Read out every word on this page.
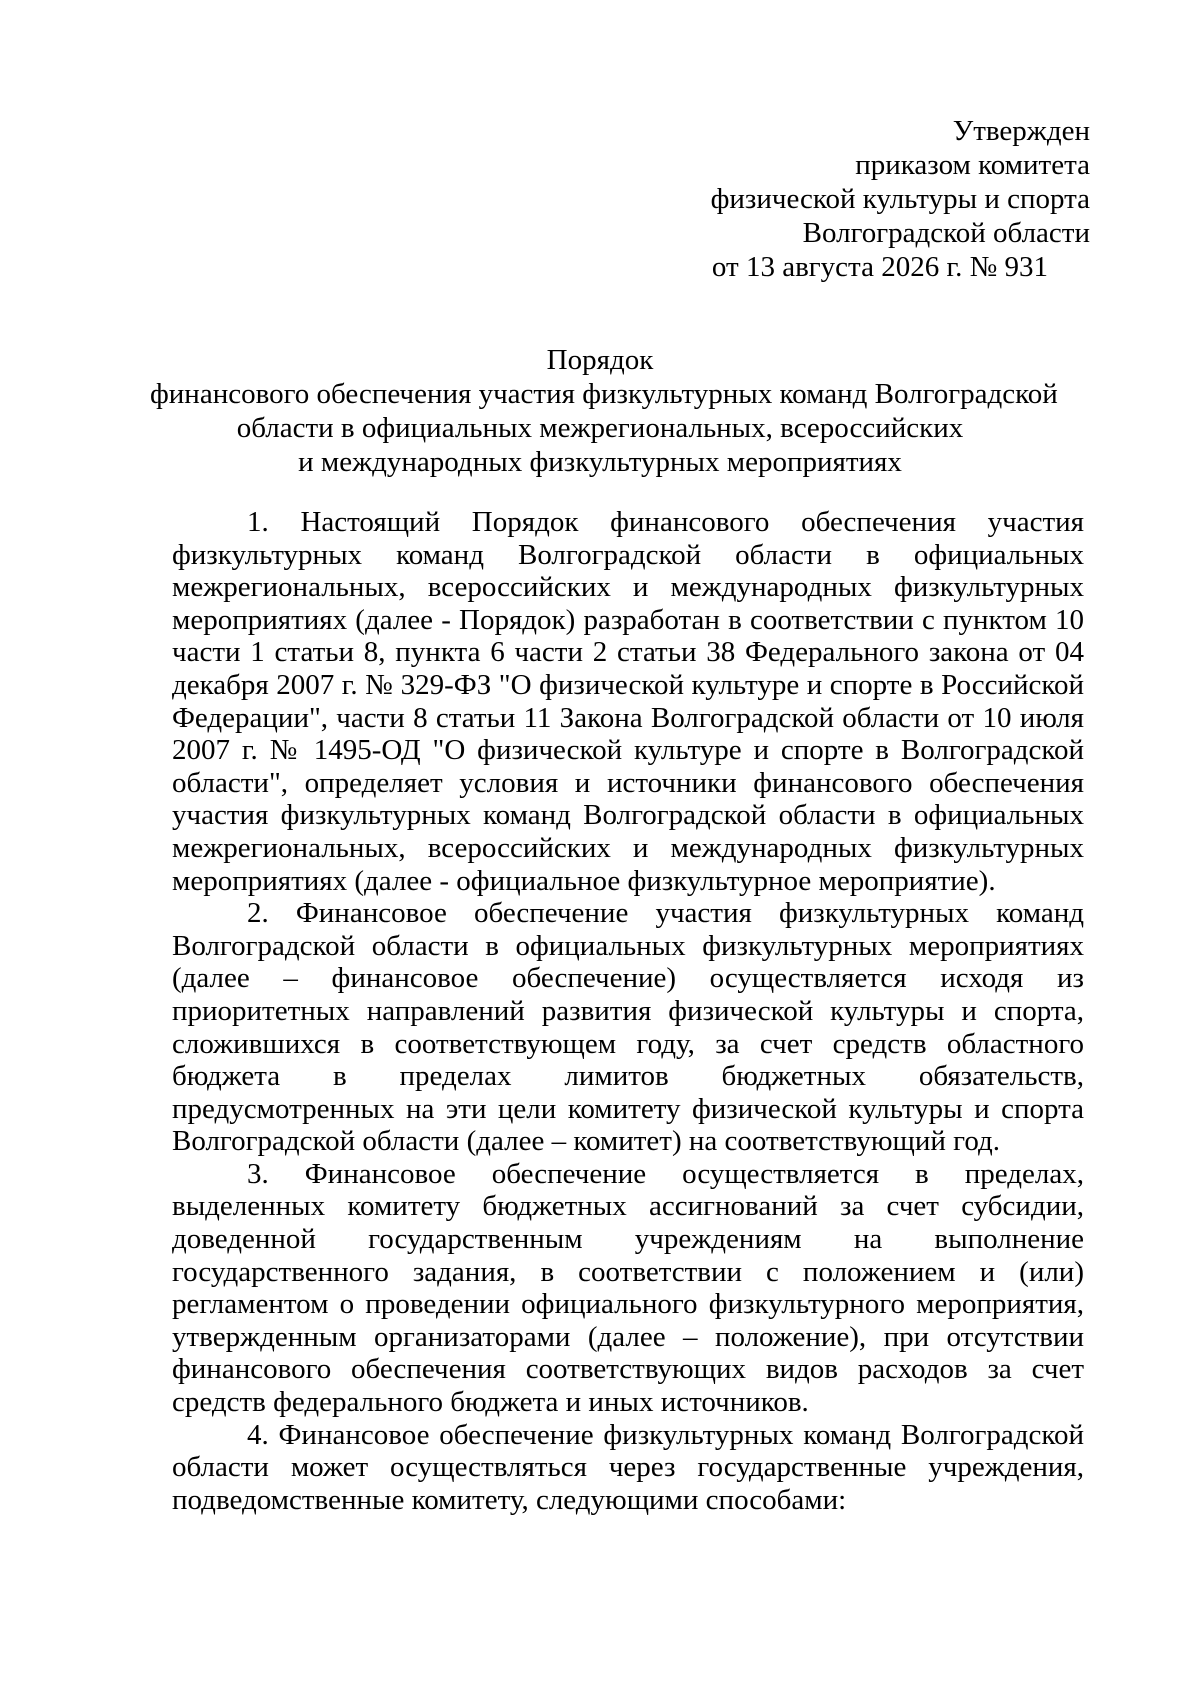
Утвержден
приказом комитета
физической культуры и спорта
Волгоградской области
от 13 августа 2026 г. № 931
Порядок
финансового обеспечения участия физкультурных команд Волгоградской
области в официальных межрегиональных, всероссийских
и международных физкультурных мероприятиях

1. Настоящий Порядок финансового обеспечения участия физкультурных команд Волгоградской области в официальных межрегиональных, всероссийских и международных физкультурных мероприятиях (далее - Порядок) разработан в соответствии с пунктом 10 части 1 статьи 8, пункта 6 части 2 статьи 38 Федерального закона от 04 декабря 2007 г. № 329-ФЗ "О физической культуре и спорте в Российской Федерации", части 8 статьи 11 Закона Волгоградской области от 10 июля 2007 г. № 1495-ОД "О физической культуре и спорте в Волгоградской области", определяет условия и источники финансового обеспечения участия физкультурных команд Волгоградской области в официальных межрегиональных, всероссийских и международных физкультурных мероприятиях (далее - официальное физкультурное мероприятие).

2. Финансовое обеспечение участия физкультурных команд Волгоградской области в официальных физкультурных мероприятиях (далее – финансовое обеспечение) осуществляется исходя из приоритетных направлений развития физической культуры и спорта, сложившихся в соответствующем году, за счет средств областного бюджета в пределах лимитов бюджетных обязательств, предусмотренных на эти цели комитету физической культуры и спорта Волгоградской области (далее – комитет) на соответствующий год.

3. Финансовое обеспечение осуществляется в пределах, выделенных комитету бюджетных ассигнований за счет субсидии, доведенной государственным учреждениям на выполнение государственного задания, в соответствии с положением и (или) регламентом о проведении официального физкультурного мероприятия, утвержденным организаторами (далее – положение), при отсутствии финансового обеспечения соответствующих видов расходов за счет средств федерального бюджета и иных источников.

4. Финансовое обеспечение физкультурных команд Волгоградской области может осуществляться через государственные учреждения, подведомственные комитету, следующими способами:
